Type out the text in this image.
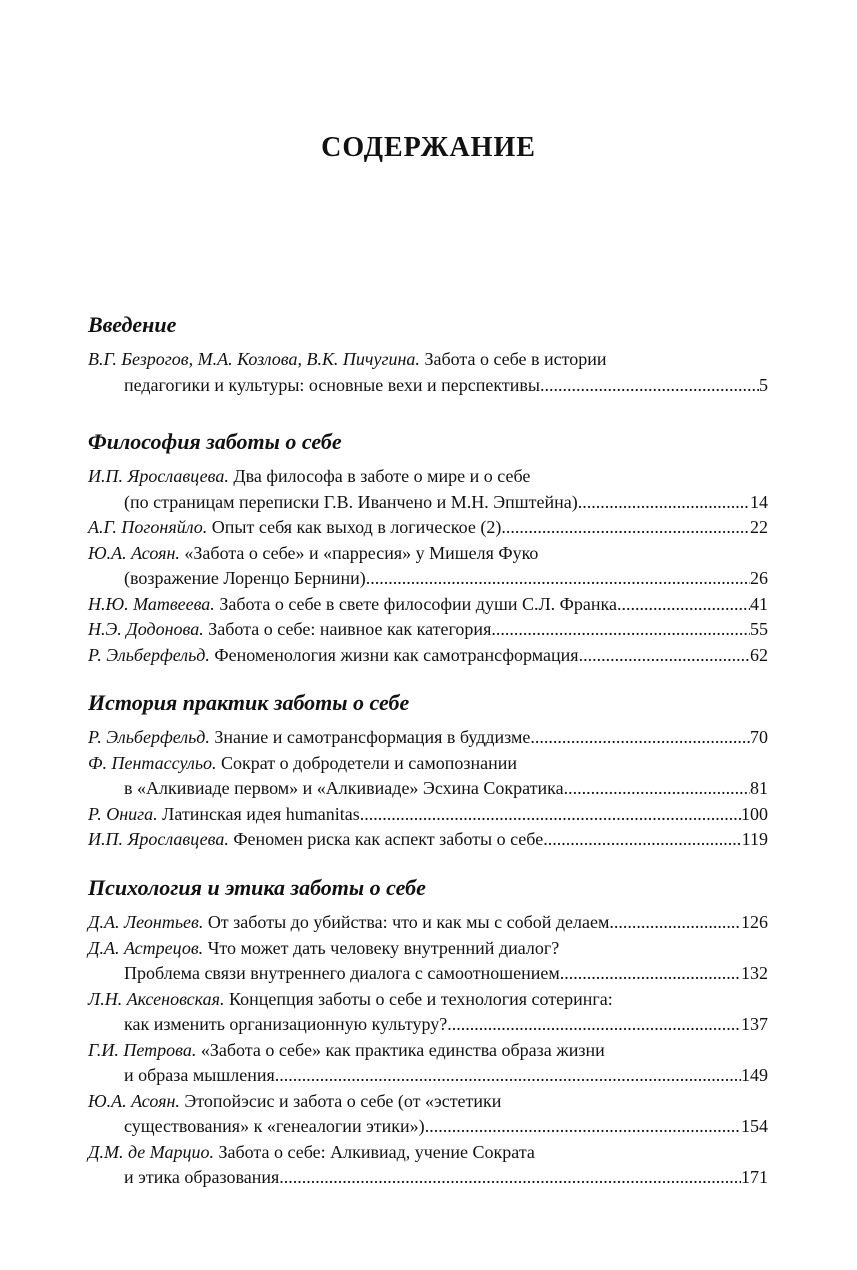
СОДЕРЖАНИЕ
Введение
В.Г. Безрогов, М.А. Козлова, В.К. Пичугина.
Забота о себе в истории
педагогики и культуры: основные вехи и перспективы .....	5
Философия заботы о себе
И.П. Ярославцева.
Два философа в заботе о мире и о себе
(по страницам переписки Г.В. Иванчено и М.Н. Эпштейна) .....	14
А.Г. Погоняйло.
Опыт себя как выход в логическое (2) .....	22
Ю.А. Асоян.
«Забота о себе» и «парресия» у Мишеля Фуко
(возражение Лоренцо Бернини) .....	26
Н.Ю. Матвеева.
Забота о себе в свете философии души С.Л. Франка .....	41
Н.Э. Додонова.
Забота о себе: наивное как категория .....	55
Р. Эльберфельд.
Феноменология жизни как самотрансформация .....	62
История практик заботы о себе
Р. Эльберфельд.
Знание и самотрансформация в буддизме .....	70
Ф. Пентассульо.
Сократ о добродетели и самопознании
в «Алкивиаде первом» и «Алкивиаде» Эсхина Сократика .....	81
Р. Онига.
Латинская идея humanitas .....	100
И.П. Ярославцева.
Феномен риска как аспект заботы о себе .....	119
Психология и этика заботы о себе
Д.А. Леонтьев.
От заботы до убийства: что и как мы с собой делаем .....	126
Д.А. Астрецов.
Что может дать человеку внутренний диалог?
Проблема связи внутреннего диалога с самоотношением .....	132
Л.Н. Аксеновская.
Концепция заботы о себе и технология сотеринга:
как изменить организационную культуру? .....	137
Г.И. Петрова.
«Забота о себе» как практика единства образа жизни
и образа мышления .....	149
Ю.А. Асоян.
Этопойэсис и забота о себе (от «эстетики
существования» к «генеалогии этики») .....	154
Д.М. де Марцио.
Забота о себе: Алкивиад, учение Сократа
и этика образования .....	171
